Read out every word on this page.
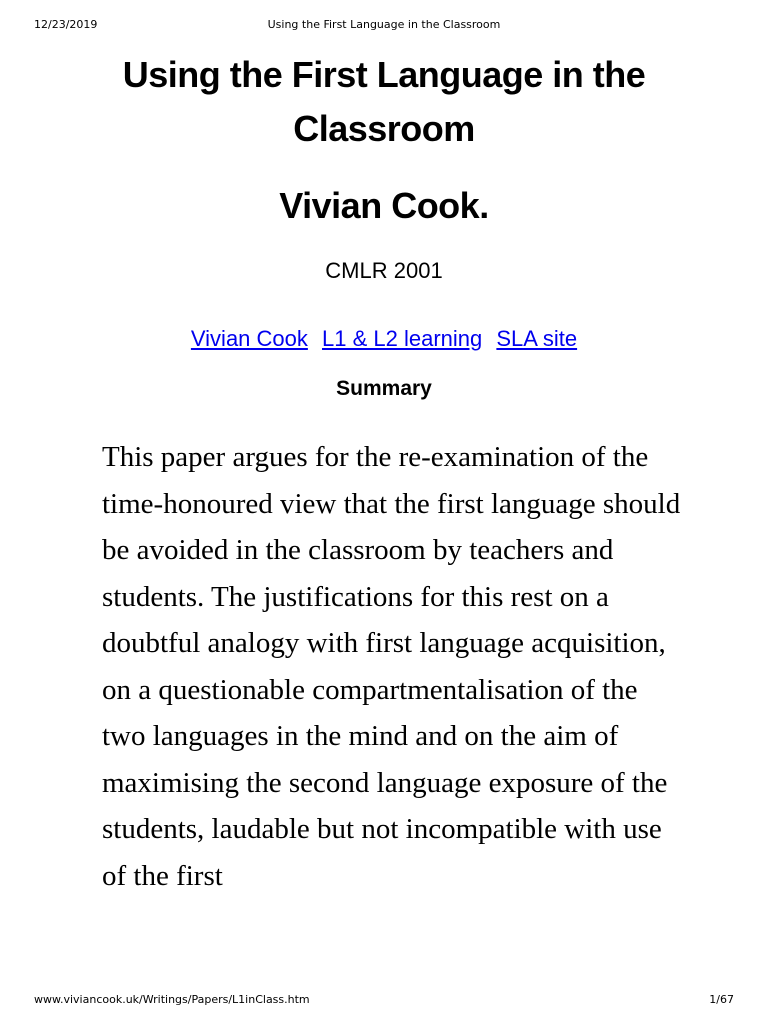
12/23/2019	Using the First Language in the Classroom
Using the First Language in the Classroom
Vivian Cook.
CMLR 2001
Vivian Cook L1 & L2 learning SLA site
Summary

This paper argues for the re-examination of the time-honoured view that the first language should be avoided in the classroom by teachers and students. The justifications for this rest on a doubtful analogy with first language acquisition, on a questionable compartmentalisation of the two languages in the mind and on the aim of maximising the second language exposure of the students, laudable but not incompatible with use of the first

www.viviancook.uk/Writings/Papers/L1inClass.htm	1/67
